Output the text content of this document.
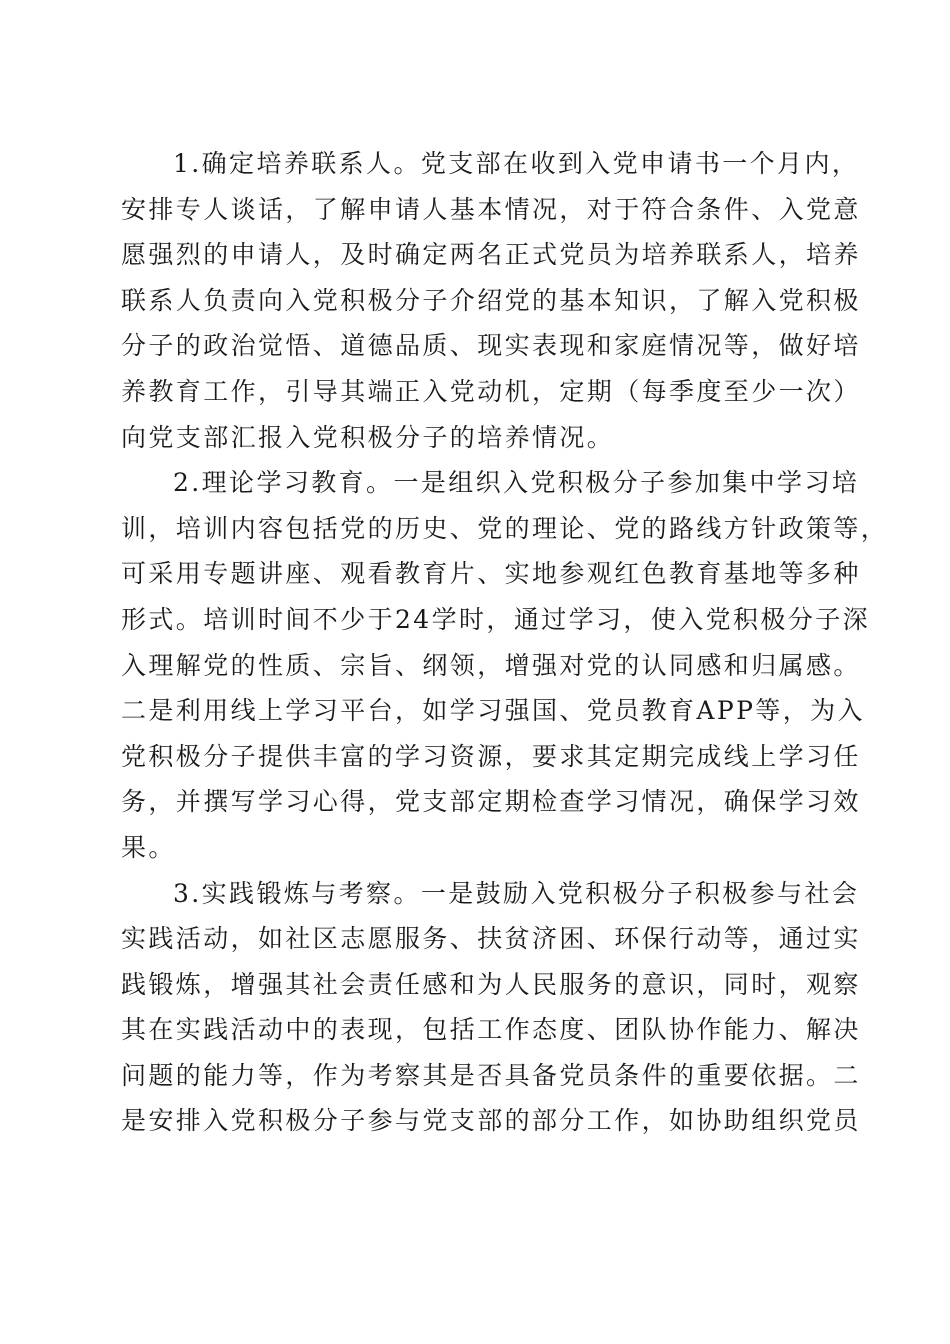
1.确定培养联系人。党支部在收到入党申请书一个月内，
安排专人谈话，了解申请人基本情况，对于符合条件、入党意
愿强烈的申请人，及时确定两名正式党员为培养联系人，培养
联系人负责向入党积极分子介绍党的基本知识，了解入党积极
分子的政治觉悟、道德品质、现实表现和家庭情况等，做好培
养教育工作，引导其端正入党动机，定期（每季度至少一次）
向党支部汇报入党积极分子的培养情况。

2.理论学习教育。一是组织入党积极分子参加集中学习培
训，培训内容包括党的历史、党的理论、党的路线方针政策等，
可采用专题讲座、观看教育片、实地参观红色教育基地等多种
形式。培训时间不少于24学时，通过学习，使入党积极分子深
入理解党的性质、宗旨、纲领，增强对党的认同感和归属感。
二是利用线上学习平台，如学习强国、党员教育APP等，为入
党积极分子提供丰富的学习资源，要求其定期完成线上学习任
务，并撰写学习心得，党支部定期检查学习情况，确保学习效
果。

3.实践锻炼与考察。一是鼓励入党积极分子积极参与社会
实践活动，如社区志愿服务、扶贫济困、环保行动等，通过实
践锻炼，增强其社会责任感和为人民服务的意识，同时，观察
其在实践活动中的表现，包括工作态度、团队协作能力、解决
问题的能力等，作为考察其是否具备党员条件的重要依据。二
是安排入党积极分子参与党支部的部分工作，如协助组织党员
